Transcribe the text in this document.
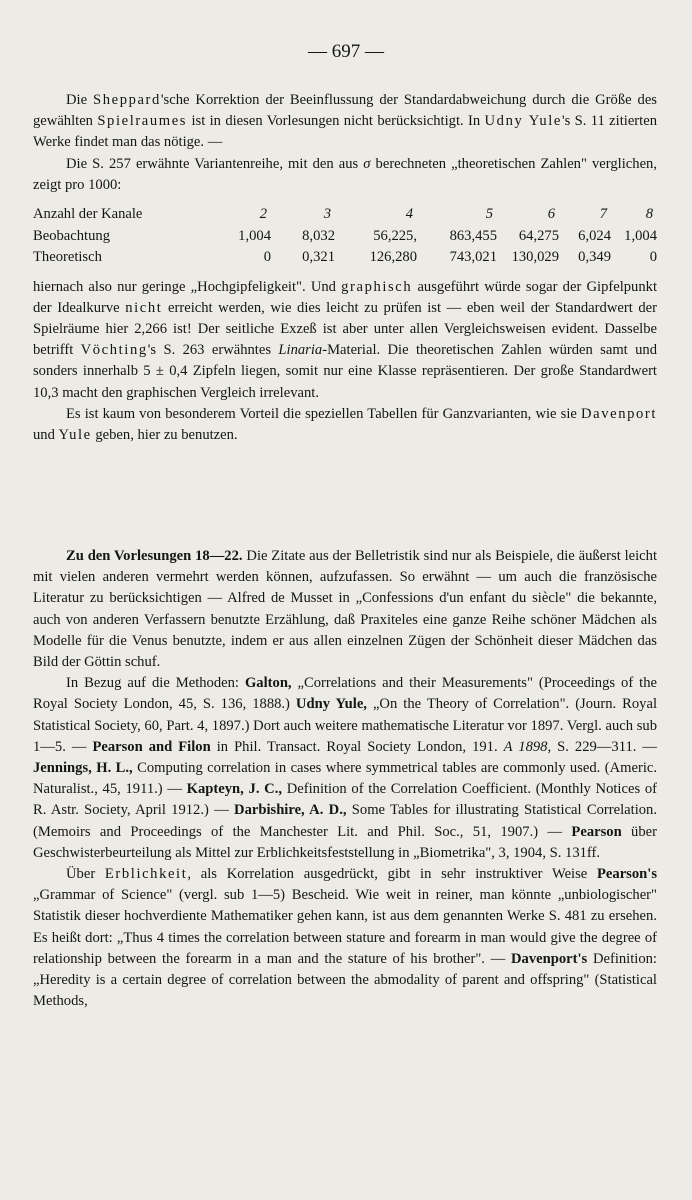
— 697 —

Die Sheppard'sche Korrektion der Beeinflussung der Standardabweichung durch die Größe des gewählten Spielraumes ist in diesen Vorlesungen nicht berücksichtigt. In Udny Yule's S. 11 zitierten Werke findet man das nötige. —

Die S. 257 erwähnte Variantenreihe, mit den aus σ berechneten „theoretischen Zahlen" verglichen, zeigt pro 1000:

Anzahl der Kanale	2	3	4	5	6	7	8
Beobachtung	1,004	8,032	56,225,	863,455	64,275	6,024	1,004
Theoretisch	0	0,321	126,280	743,021	130,029	0,349	0

hiernach also nur geringe „Hochgipfeligkeit". Und graphisch ausgeführt würde sogar der Gipfelpunkt der Idealkurve nicht erreicht werden, wie dies leicht zu prüfen ist — eben weil der Standardwert der Spielräume hier 2,266 ist! Der seitliche Exzeß ist aber unter allen Vergleichsweisen evident. Dasselbe betrifft Vöchting's S. 263 erwähntes Linaria-Material. Die theoretischen Zahlen würden samt und sonders innerhalb 5 ± 0,4 Zipfeln liegen, somit nur eine Klasse repräsentieren. Der große Standardwert 10,3 macht den graphischen Vergleich irrelevant.

Es ist kaum von besonderem Vorteil die speziellen Tabellen für Ganzvarianten, wie sie Davenport und Yule geben, hier zu benutzen.

Zu den Vorlesungen 18—22. Die Zitate aus der Belletristik sind nur als Beispiele, die äußerst leicht mit vielen anderen vermehrt werden können, aufzufassen. So erwähnt — um auch die französische Literatur zu berücksichtigen — Alfred de Musset in „Confessions d'un enfant du siècle" die bekannte, auch von anderen Verfassern benutzte Erzählung, daß Praxiteles eine ganze Reihe schöner Mädchen als Modelle für die Venus benutzte, indem er aus allen einzelnen Zügen der Schönheit dieser Mädchen das Bild der Göttin schuf.

In Bezug auf die Methoden: Galton, „Correlations and their Measurements" (Proceedings of the Royal Society London, 45, S. 136, 1888.) Udny Yule, „On the Theory of Correlation". (Journ. Royal Statistical Society, 60, Part. 4, 1897.) Dort auch weitere mathematische Literatur vor 1897. Vergl. auch sub 1—5. — Pearson and Filon in Phil. Transact. Royal Society London, 191. A 1898, S. 229—311. — Jennings, H. L., Computing correlation in cases where symmetrical tables are commonly used. (Americ. Naturalist., 45, 1911.) — Kapteyn, J. C., Definition of the Correlation Coefficient. (Monthly Notices of R. Astr. Society, April 1912.) — Darbishire, A. D., Some Tables for illustrating Statistical Correlation. (Memoirs and Proceedings of the Manchester Lit. and Phil. Soc., 51, 1907.) — Pearson über Geschwisterbeurteilung als Mittel zur Erblichkeitsfeststellung in „Biometrika", 3, 1904, S. 131ff.

Über Erblichkeit, als Korrelation ausgedrückt, gibt in sehr instruktiver Weise Pearson's „Grammar of Science" (vergl. sub 1—5) Bescheid. Wie weit in reiner, man könnte „unbiologischer" Statistik dieser hochverdiente Mathematiker gehen kann, ist aus dem genannten Werke S. 481 zu ersehen. Es heißt dort: „Thus 4 times the correlation between stature and forearm in man would give the degree of relationship between the forearm in a man and the stature of his brother". — Davenport's Definition: „Heredity is a certain degree of correlation between the abmodality of parent and offspring" (Statistical Methods,
